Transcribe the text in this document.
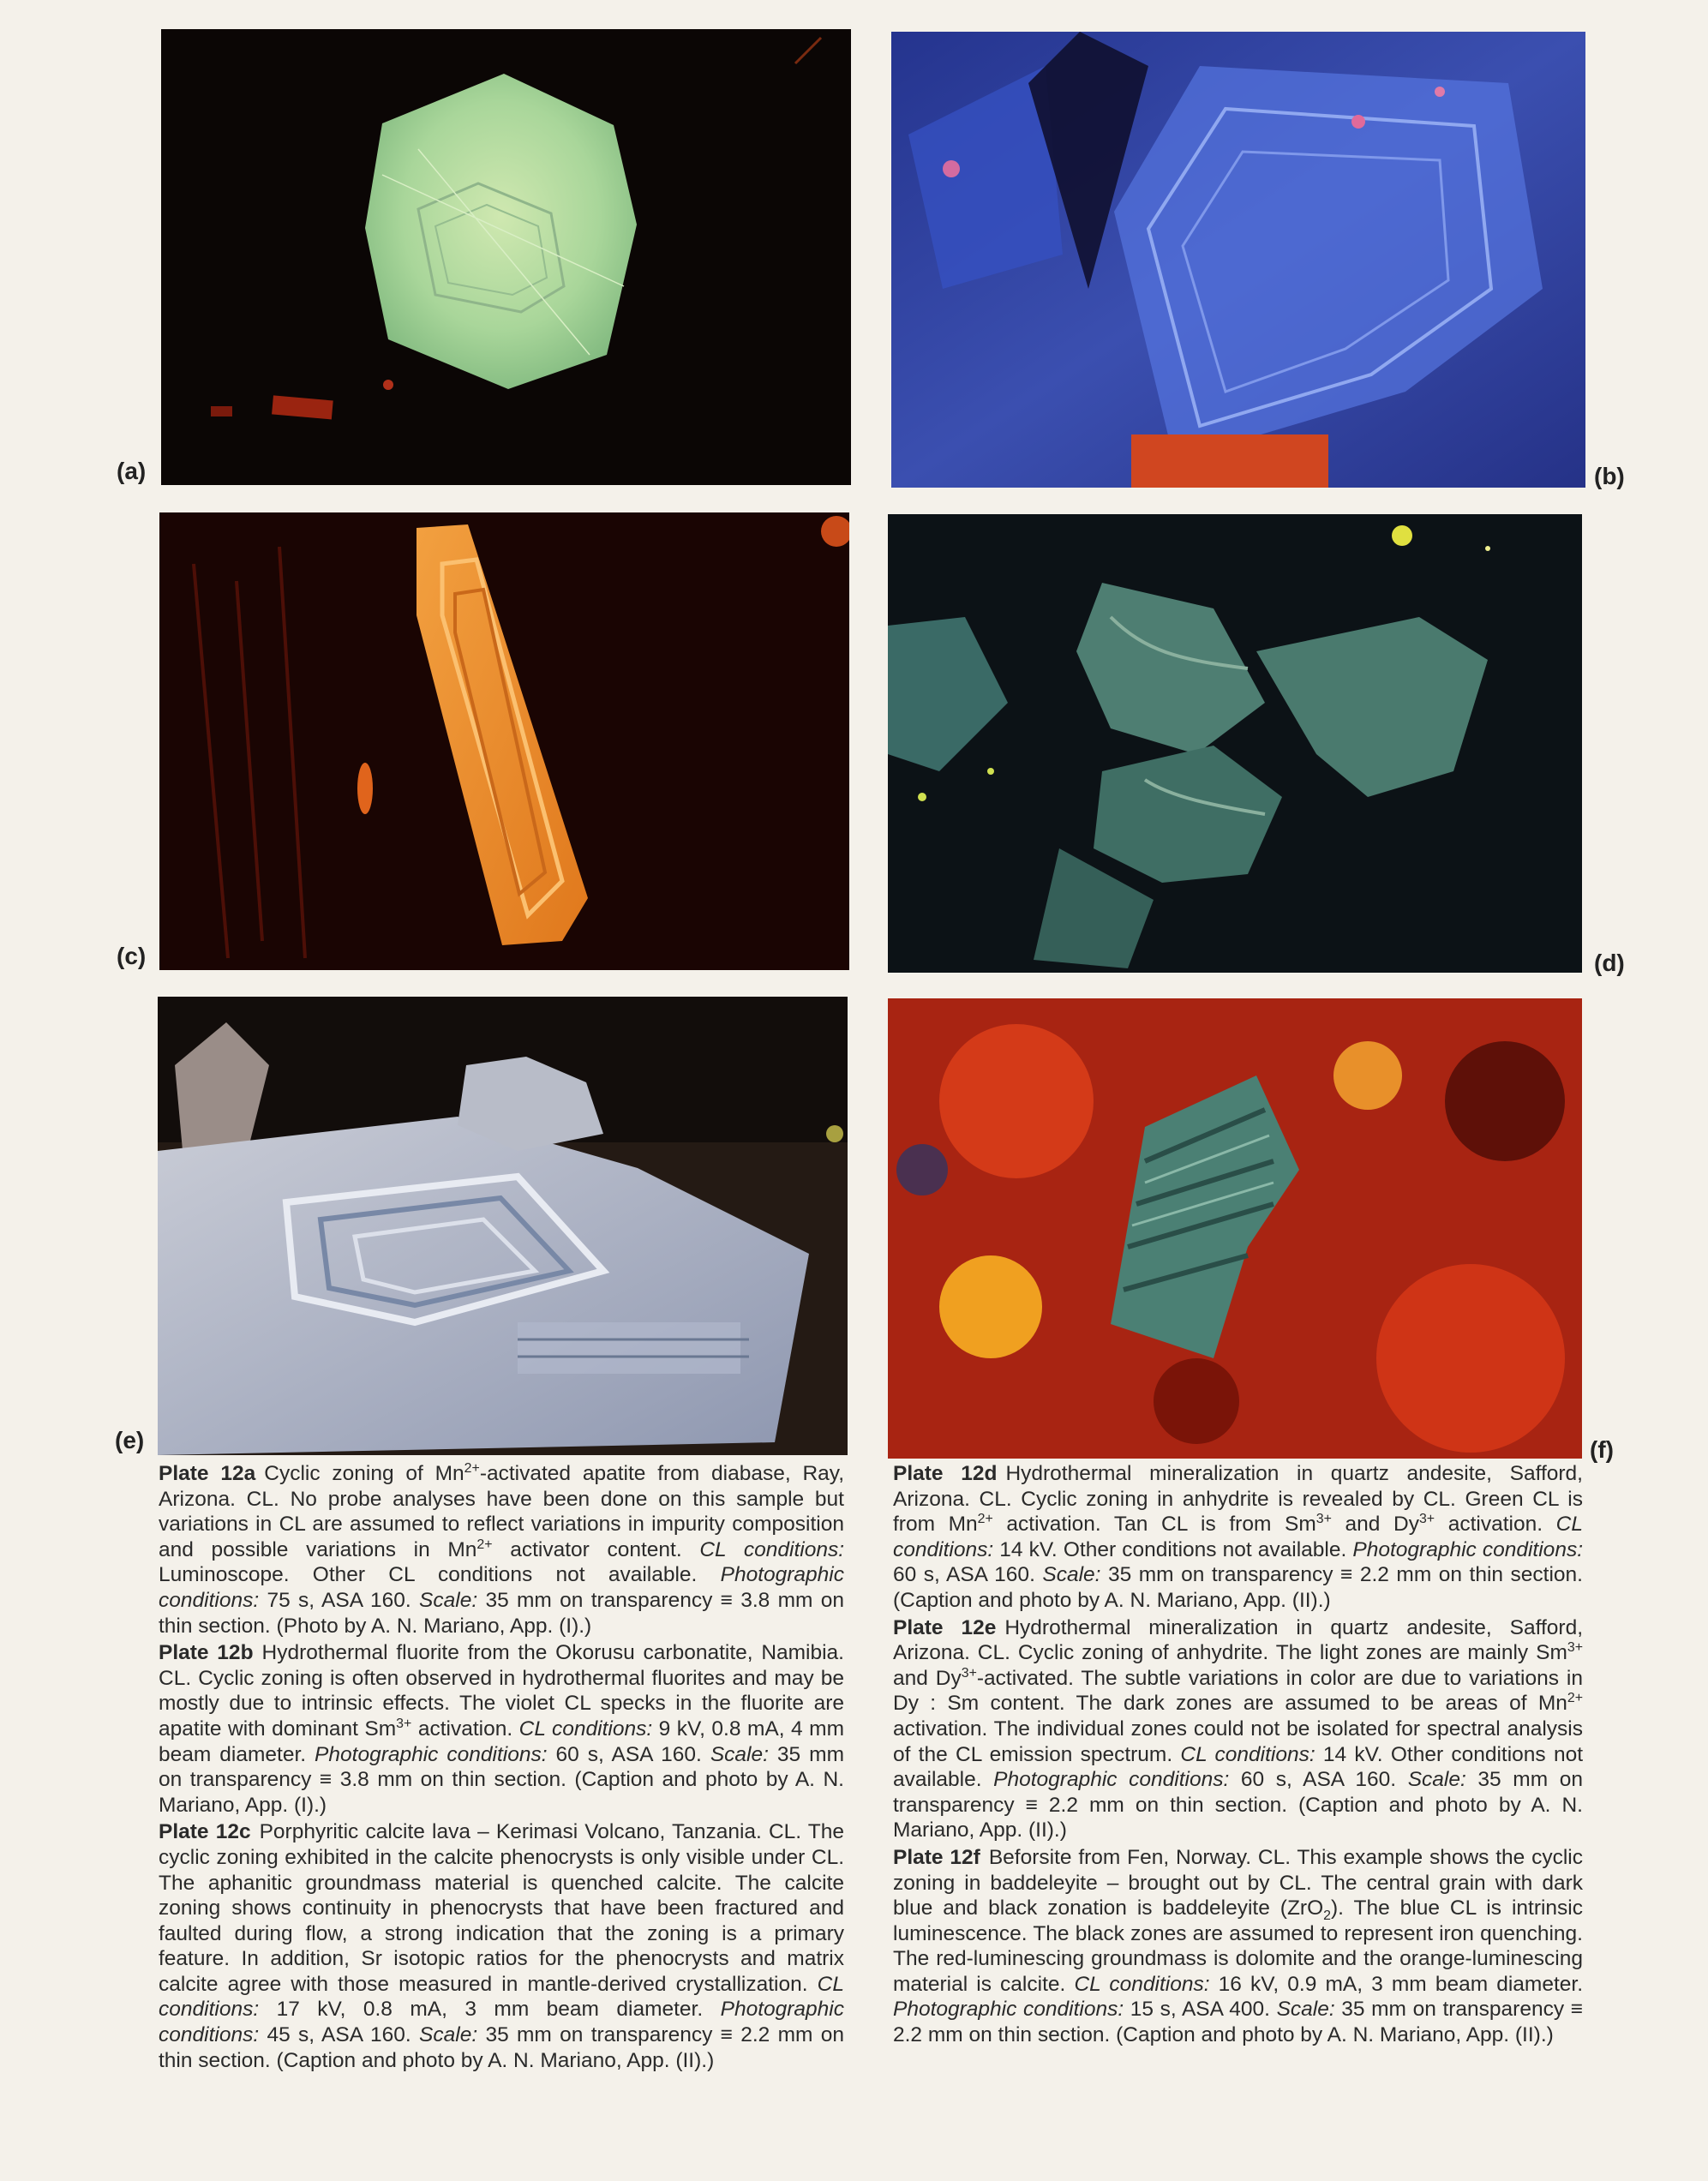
(a)	(b)
(c)	(d)
(e)	(f)

Plate 12a Cyclic zoning of $Mn^{2+}$-activated apatite from diabase, Ray, Arizona. CL. No probe analyses have been done on this sample but variations in CL are assumed to reflect variations in impurity composition and possible variations in $Mn^{2+}$ activator content. CL conditions: Luminoscope. Other CL conditions not available. Photographic conditions: 75 s, ASA 160. Scale: 35 mm on transparency ≡ 3.8 mm on thin section. (Photo by A. N. Mariano, App. (I).)

Plate 12b Hydrothermal fluorite from the Okorusu carbonatite, Namibia. CL. Cyclic zoning is often observed in hydrothermal fluorites and may be mostly due to intrinsic effects. The violet CL specks in the fluorite are apatite with dominant $Sm^{3+}$ activation. CL conditions: 9 kV, 0.8 mA, 4 mm beam diameter. Photographic conditions: 60 s, ASA 160. Scale: 35 mm on transparency ≡ 3.8 mm on thin section. (Caption and photo by A. N. Mariano, App. (I).)

Plate 12c Porphyritic calcite lava – Kerimasi Volcano, Tanzania. CL. The cyclic zoning exhibited in the calcite phenocrysts is only visible under CL. The aphanitic groundmass material is quenched calcite. The calcite zoning shows continuity in phenocrysts that have been fractured and faulted during flow, a strong indication that the zoning is a primary feature. In addition, Sr isotopic ratios for the phenocrysts and matrix calcite agree with those measured in mantle-derived crystallization. CL conditions: 17 kV, 0.8 mA, 3 mm beam diameter. Photographic conditions: 45 s, ASA 160. Scale: 35 mm on transparency ≡ 2.2 mm on thin section. (Caption and photo by A. N. Mariano, App. (II).)

Plate 12d Hydrothermal mineralization in quartz andesite, Safford, Arizona. CL. Cyclic zoning in anhydrite is revealed by CL. Green CL is from $Mn^{2+}$ activation. Tan CL is from $Sm^{3+}$ and $Dy^{3+}$ activation. CL conditions: 14 kV. Other conditions not available. Photographic conditions: 60 s, ASA 160. Scale: 35 mm on transparency ≡ 2.2 mm on thin section. (Caption and photo by A. N. Mariano, App. (II).)

Plate 12e Hydrothermal mineralization in quartz andesite, Safford, Arizona. CL. Cyclic zoning of anhydrite. The light zones are mainly $Sm^{3+}$ and $Dy^{3+}$-activated. The subtle variations in color are due to variations in Dy : Sm content. The dark zones are assumed to be areas of $Mn^{2+}$ activation. The individual zones could not be isolated for spectral analysis of the CL emission spectrum. CL conditions: 14 kV. Other conditions not available. Photographic conditions: 60 s, ASA 160. Scale: 35 mm on transparency ≡ 2.2 mm on thin section. (Caption and photo by A. N. Mariano, App. (II).)

Plate 12f Beforsite from Fen, Norway. CL. This example shows the cyclic zoning in baddeleyite – brought out by CL. The central grain with dark blue and black zonation is baddeleyite (ZrO$_2$). The blue CL is intrinsic luminescence. The black zones are assumed to represent iron quenching. The red-luminescing groundmass is dolomite and the orange-luminescing material is calcite. CL conditions: 16 kV, 0.9 mA, 3 mm beam diameter. Photographic conditions: 15 s, ASA 400. Scale: 35 mm on transparency ≡ 2.2 mm on thin section. (Caption and photo by A. N. Mariano, App. (II).)
